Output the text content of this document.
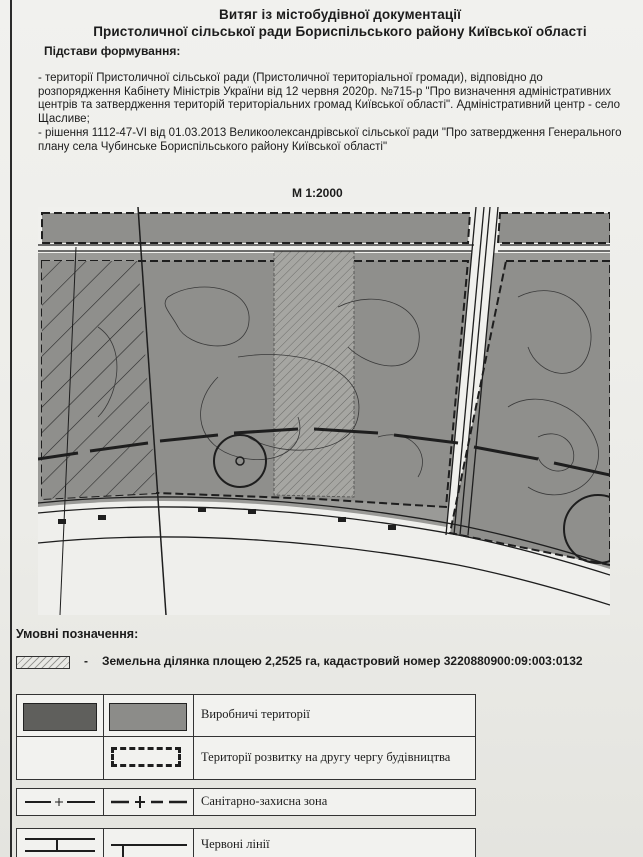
Витяг із містобудівної документації
Пристоличної сільської ради Бориспільського району Київської області
Підстави формування:
- території Пристоличної сільської ради (Пристоличної територіальної громади), відповідно до розпорядження Кабінету Міністрів України від 12 червня 2020р. №715-р "Про визначення адміністративних центрів та затвердження територій територіальних громад Київської області". Адміністративний центр - село Щасливе;
- рішення 1112-47-VI від 01.03.2013 Великоолександрівської сільської ради "Про затвердження Генерального плану села Чубинське Бориспільського району Київської області"
М 1:2000
Умовні позначення:
- Земельна ділянка площею 2,2525 га, кадастровий номер 3220880900:09:003:0132
Виробничі території
Території розвитку на другу чергу будівництва
Санітарно-захисна зона
Червоні лінії
